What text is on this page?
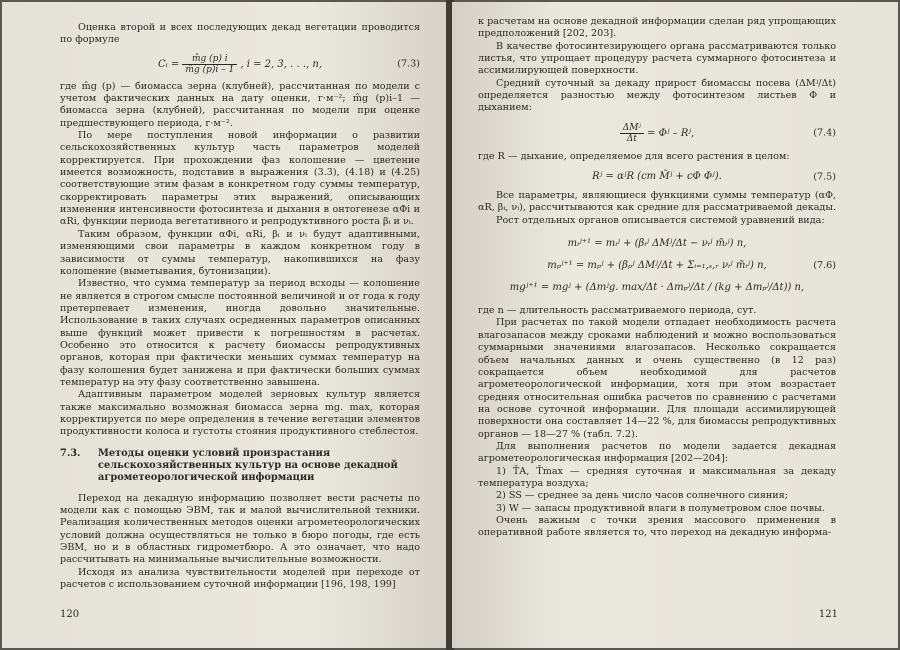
Оценка второй и всех последующих декад вегетации проводится по формуле

Cᵢ = $\frac{m̂g (p) i}{m̂g (p)i - 1}$ , i = 2, 3, . . ., n,	(7.3)

где m̂g (p) — биомасса зерна (клубней), рассчитанная по модели с учетом фактических данных на дату оценки, г·м⁻²; m̂g (p)i–1 — биомасса зерна (клубней), рассчитанная по модели при оценке предшествующего периода, г·м⁻².

По мере поступления новой информации о развитии сельскохозяйственных культур часть параметров моделей корректируется. При прохождении фаз колошение — цветение имеется возможность, подставив в выражения (3.3), (4.18) и (4.25) соответствующие этим фазам в конкретном году суммы температур, скорректировать параметры этих выражений, описывающих изменения интенсивности фотосинтеза и дыхания в онтогенезе αΦi и αRi, функции периода вегетативного и репродуктивного роста βᵢ и νᵢ.

Таким образом, функции αΦi, αRi, βᵢ и νᵢ будут адаптивными, изменяющими свои параметры в каждом конкретном году в зависимости от суммы температур, накопившихся на фазу колошение (выметывания, бутонизации).

Известно, что сумма температур за период всходы — колошение не является в строгом смысле постоянной величиной и от года к году претерпевает изменения, иногда довольно значительные. Использование в таких случаях осредненных параметров описанных выше функций может привести к погрешностям в расчетах. Особенно это относится к расчету биомассы репродуктивных органов, которая при фактически меньших суммах температур на фазу колошения будет занижена и при фактически больших суммах температур на эту фазу соответственно завышена.

Адаптивным параметром моделей зерновых культур является также максимально возможная биомасса зерна mg. max, которая корректируется по мере определения в течение вегетации элементов продуктивности колоса и густоты стояния продуктивного стеблестоя.

7.3. Методы оценки условий произрастания
сельскохозяйственных культур на основе декадной
агрометеорологической информации

Переход на декадную информацию позволяет вести расчеты по модели как с помощью ЭВМ, так и малой вычислительной техники. Реализация количественных методов оценки агрометеорологических условий должна осуществляться не только в бюро погоды, где есть ЭВМ, но и в областных гидрометбюро. А это означает, что надо рассчитывать на минимальные вычислительные возможности.

Исходя из анализа чувствительности моделей при переходе от расчетов с использованием суточной информации [196, 198, 199]

120

к расчетам на основе декадной информации сделан ряд упрощающих предположений [202, 203].

В качестве фотосинтезирующего органа рассматриваются только листья, что упрощает процедуру расчета суммарного фотосинтеза и ассимилирующей поверхности.

Средний суточный за декаду прирост биомассы посева (ΔMʲ/Δt) определяется разностью между фотосинтезом листьев Φ и дыханием:

$\frac{\text{ΔMʲ}}{\Delta t}$ = Φʲ – Rʲ,	(7.4)

где R — дыхание, определяемое для всего растения в целом:

Rʲ = αʲR (cm M̃ʲ + cΦ Φʲ).	(7.5)

Все параметры, являющиеся функциями суммы температур (αΦ, αR, βᵢ, νᵢ), рассчитываются как средние для рассматриваемой декады.

Рост отдельных органов описывается системой уравнений вида:

mᵢʲ⁺¹ = mᵢʲ + (βᵢʲ ΔMʲ/Δt − νᵢʲ m̃ᵢʲ) n,
mₚʲ⁺¹ = mₚʲ + (βₚʲ ΔMʲ/Δt + Σᵢ₌₁,ₛ,ᵣ νᵢʲ m̃ᵢʲ) n,
mgʲ⁺¹ = mgʲ + (Δmʲg. max/Δt · Δmₚʲ/Δt / (kg + Δmₚʲ/Δt)) n,
(7.6)

где n — длительность рассматриваемого периода, сут.

При расчетах по такой модели отпадает необходимость расчета влагозапасов между сроками наблюдений и можно воспользоваться суммарными значениями влагозапасов. Несколько сокращается объем начальных данных и очень существенно (в 12 раз) сокращается объем необходимой для расчетов агрометеорологической информации, хотя при этом возрастает средняя относительная ошибка расчетов по сравнению с расчетами на основе суточной информации. Для площади ассимилирующей поверхности она составляет 14—22 %, для биомассы репродуктивных органов — 18—27 % (табл. 7.2).

Для выполнения расчетов по модели задается декадная агрометеорологическая информация [202—204]:

1) T̄A, T̄max — средняя суточная и максимальная за декаду температура воздуха;

2) SS — среднее за день число часов солнечного сияния;

3) W — запасы продуктивной влаги в полуметровом слое почвы.

Очень важным с точки зрения массового применения в оперативной работе является то, что переход на декадную информа-

121
